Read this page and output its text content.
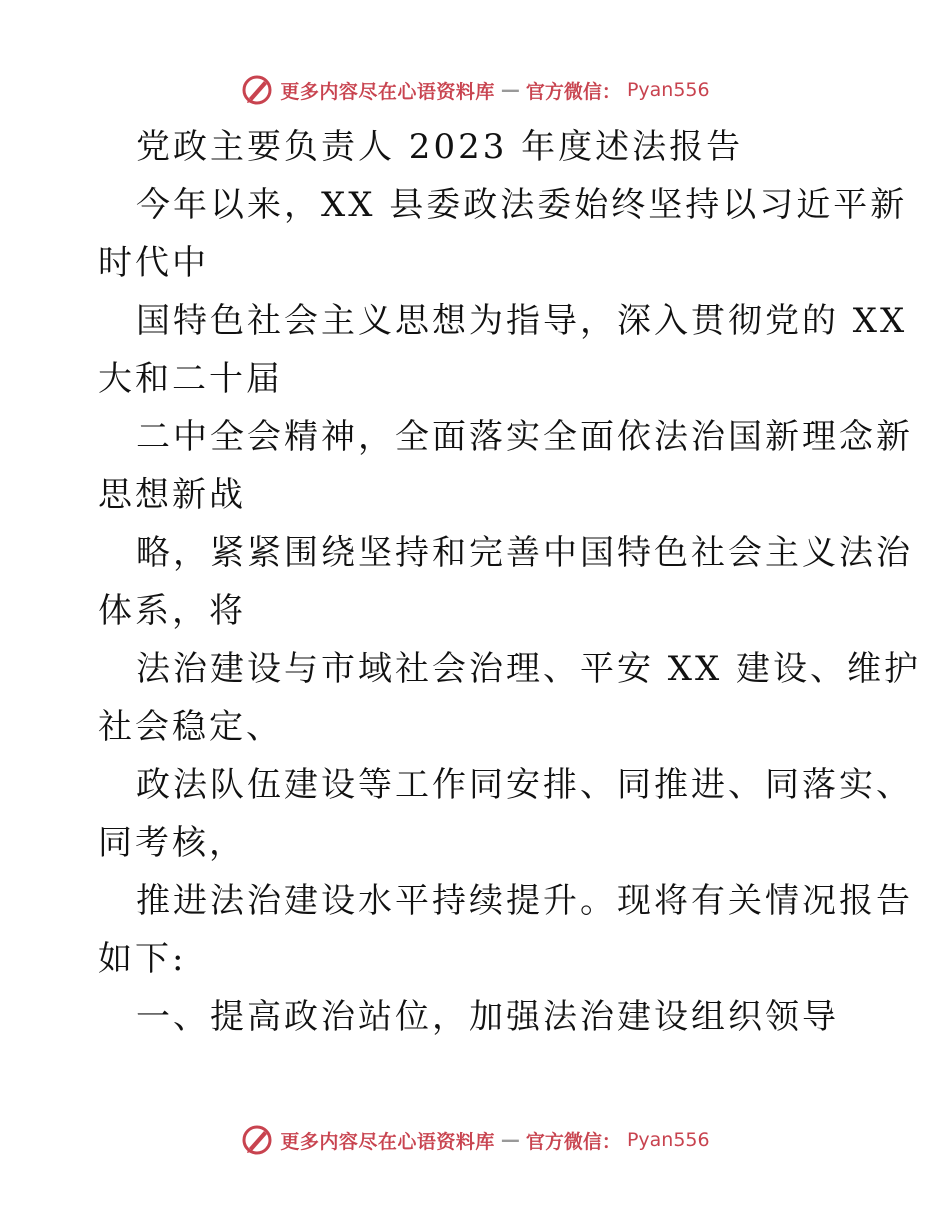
更多内容尽在心语资料库 — 官方微信： Pyan556
党政主要负责人 2023 年度述法报告
今年以来，XX 县委政法委始终坚持以习近平新
时代中
国特色社会主义思想为指导，深入贯彻党的 XX
大和二十届
二中全会精神，全面落实全面依法治国新理念新
思想新战
略，紧紧围绕坚持和完善中国特色社会主义法治
体系，将
法治建设与市域社会治理、平安 XX 建设、维护
社会稳定、
政法队伍建设等工作同安排、同推进、同落实、
同考核，
推进法治建设水平持续提升。现将有关情况报告
如下:
一、提高政治站位，加强法治建设组织领导
更多内容尽在心语资料库 — 官方微信： Pyan556
